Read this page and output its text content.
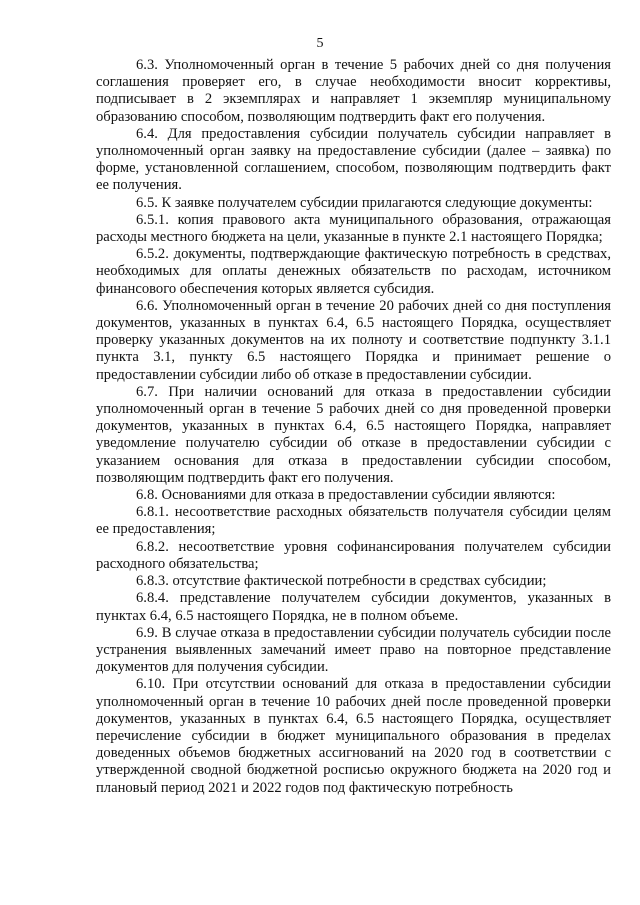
5

6.3. Уполномоченный орган в течение 5 рабочих дней со дня получения соглашения проверяет его, в случае необходимости вносит коррективы, подписывает в 2 экземплярах и направляет 1 экземпляр муниципальному образованию способом, позволяющим подтвердить факт его получения.

6.4. Для предоставления субсидии получатель субсидии направляет в уполномоченный орган заявку на предоставление субсидии (далее – заявка) по форме, установленной соглашением, способом, позволяющим подтвердить факт ее получения.

6.5. К заявке получателем субсидии прилагаются следующие документы:

6.5.1. копия правового акта муниципального образования, отражающая расходы местного бюджета на цели, указанные в пункте 2.1 настоящего Порядка;

6.5.2. документы, подтверждающие фактическую потребность в средствах, необходимых для оплаты денежных обязательств по расходам, источником финансового обеспечения которых является субсидия.

6.6. Уполномоченный орган в течение 20 рабочих дней со дня поступления документов, указанных в пунктах 6.4, 6.5 настоящего Порядка, осуществляет проверку указанных документов на их полноту и соответствие подпункту 3.1.1 пункта 3.1, пункту 6.5 настоящего Порядка и принимает решение о предоставлении субсидии либо об отказе в предоставлении субсидии.

6.7. При наличии оснований для отказа в предоставлении субсидии уполномоченный орган в течение 5 рабочих дней со дня проведенной проверки документов, указанных в пунктах 6.4, 6.5 настоящего Порядка, направляет уведомление получателю субсидии об отказе в предоставлении субсидии с указанием основания для отказа в предоставлении субсидии способом, позволяющим подтвердить факт его получения.

6.8. Основаниями для отказа в предоставлении субсидии являются:

6.8.1. несоответствие расходных обязательств получателя субсидии целям ее предоставления;

6.8.2. несоответствие уровня софинансирования получателем субсидии расходного обязательства;

6.8.3. отсутствие фактической потребности в средствах субсидии;

6.8.4. представление получателем субсидии документов, указанных в пунктах 6.4, 6.5 настоящего Порядка, не в полном объеме.

6.9. В случае отказа в предоставлении субсидии получатель субсидии после устранения выявленных замечаний имеет право на повторное представление документов для получения субсидии.

6.10. При отсутствии оснований для отказа в предоставлении субсидии уполномоченный орган в течение 10 рабочих дней после проведенной проверки документов, указанных в пунктах 6.4, 6.5 настоящего Порядка, осуществляет перечисление субсидии в бюджет муниципального образования в пределах доведенных объемов бюджетных ассигнований на 2020 год в соответствии с утвержденной сводной бюджетной росписью окружного бюджета на 2020 год и плановый период 2021 и 2022 годов под фактическую потребность
